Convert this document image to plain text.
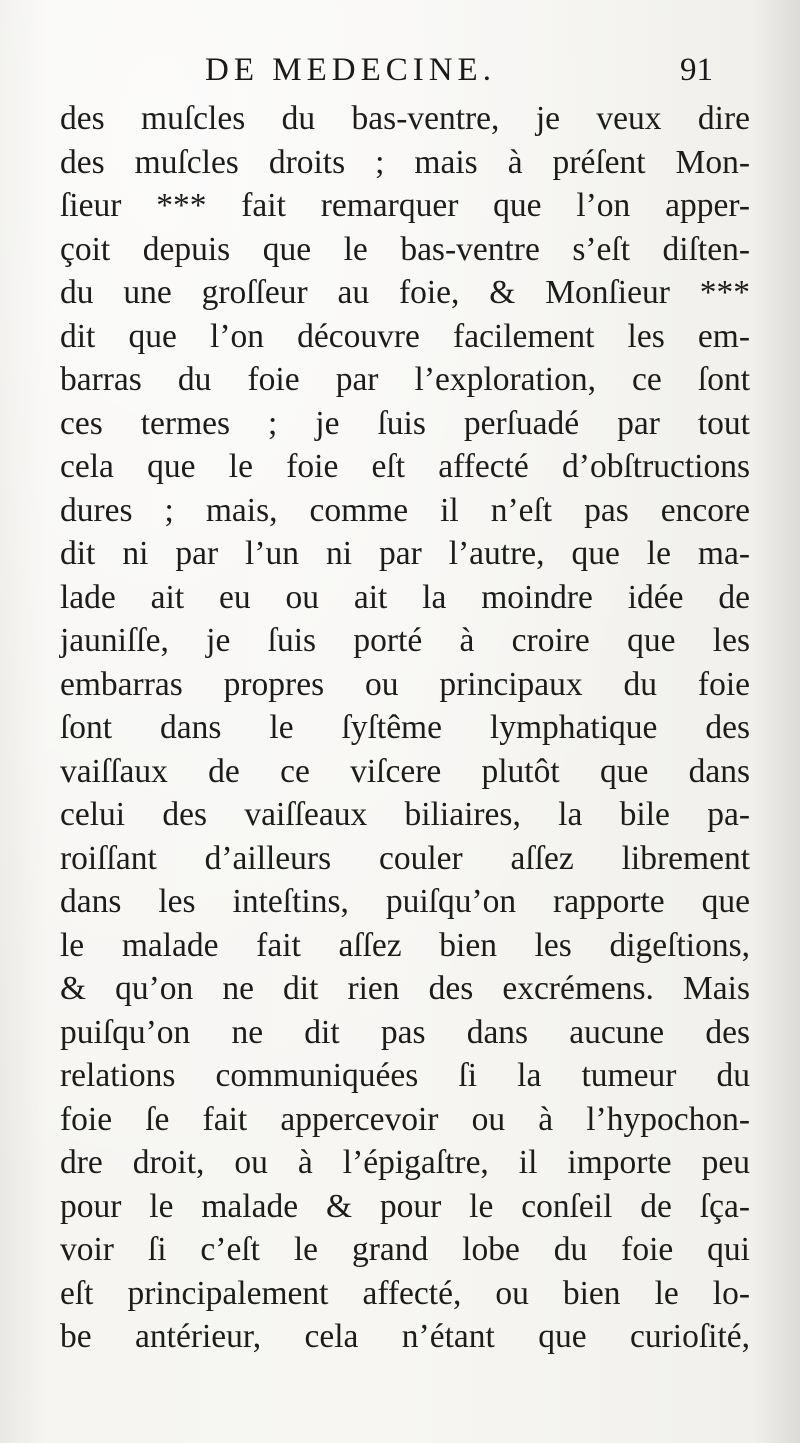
DE MEDECINE.	91
des muſcles du bas-ventre, je veux dire
des muſcles droits ; mais à préſent Mon-
ſieur *** fait remarquer que l’on apper-
çoit depuis que le bas-ventre s’eſt diſten-
du une groſſeur au foie, & Monſieur ***
dit que l’on découvre facilement les em-
barras du foie par l’exploration, ce ſont
ces termes ; je ſuis perſuadé par tout
cela que le foie eſt affecté d’obſtructions
dures ; mais, comme il n’eſt pas encore
dit ni par l’un ni par l’autre, que le ma-
lade ait eu ou ait la moindre idée de
jauniſſe, je ſuis porté à croire que les
embarras propres ou principaux du foie
ſont dans le ſyſtême lymphatique des
vaiſſaux de ce viſcere plutôt que dans
celui des vaiſſeaux biliaires, la bile pa-
roiſſant d’ailleurs couler aſſez librement
dans les inteſtins, puiſqu’on rapporte que
le malade fait aſſez bien les digeſtions,
& qu’on ne dit rien des excrémens. Mais
puiſqu’on ne dit pas dans aucune des
relations communiquées ſi la tumeur du
foie ſe fait appercevoir ou à l’hypochon-
dre droit, ou à l’épigaſtre, il importe peu
pour le malade & pour le conſeil de ſça-
voir ſi c’eſt le grand lobe du foie qui
eſt principalement affecté, ou bien le lo-
be antérieur, cela n’étant que curioſité,
